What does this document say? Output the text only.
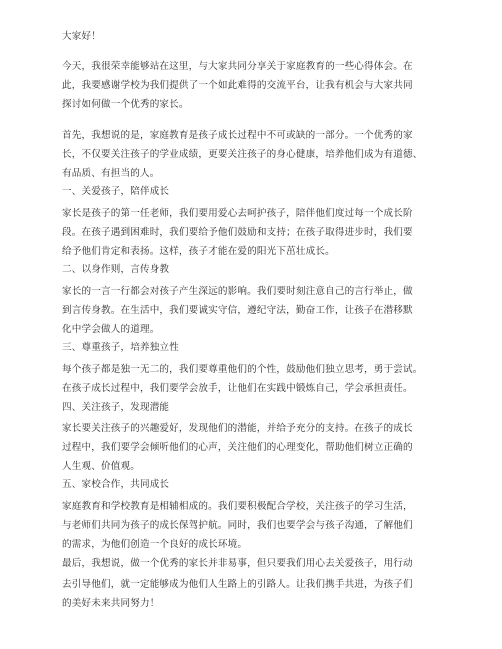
大家好！
今天，我很荣幸能够站在这里，与大家共同分享关于家庭教育的一些心得体会。在
此，我要感谢学校为我们提供了一个如此难得的交流平台，让我有机会与大家共同
探讨如何做一个优秀的家长。
首先，我想说的是，家庭教育是孩子成长过程中不可或缺的一部分。一个优秀的家
长，不仅要关注孩子的学业成绩，更要关注孩子的身心健康，培养他们成为有道德、
有品质、有担当的人。
一、关爱孩子，陪伴成长
家长是孩子的第一任老师，我们要用爱心去呵护孩子，陪伴他们度过每一个成长阶
段。在孩子遇到困难时，我们要给予他们鼓励和支持；在孩子取得进步时，我们要
给予他们肯定和表扬。这样，孩子才能在爱的阳光下茁壮成长。
二、以身作则，言传身教
家长的一言一行都会对孩子产生深远的影响。我们要时刻注意自己的言行举止，做
到言传身教。在生活中，我们要诚实守信，遵纪守法，勤奋工作，让孩子在潜移默
化中学会做人的道理。
三、尊重孩子，培养独立性
每个孩子都是独一无二的，我们要尊重他们的个性，鼓励他们独立思考，勇于尝试。
在孩子成长过程中，我们要学会放手，让他们在实践中锻炼自己，学会承担责任。
四、关注孩子，发现潜能
家长要关注孩子的兴趣爱好，发现他们的潜能，并给予充分的支持。在孩子的成长
过程中，我们要学会倾听他们的心声，关注他们的心理变化，帮助他们树立正确的
人生观、价值观。
五、家校合作，共同成长
家庭教育和学校教育是相辅相成的。我们要积极配合学校，关注孩子的学习生活，
与老师们共同为孩子的成长保驾护航。同时，我们也要学会与孩子沟通，了解他们
的需求，为他们创造一个良好的成长环境。
最后，我想说，做一个优秀的家长并非易事，但只要我们用心去关爱孩子，用行动
去引导他们，就一定能够成为他们人生路上的引路人。让我们携手共进，为孩子们
的美好未来共同努力！
